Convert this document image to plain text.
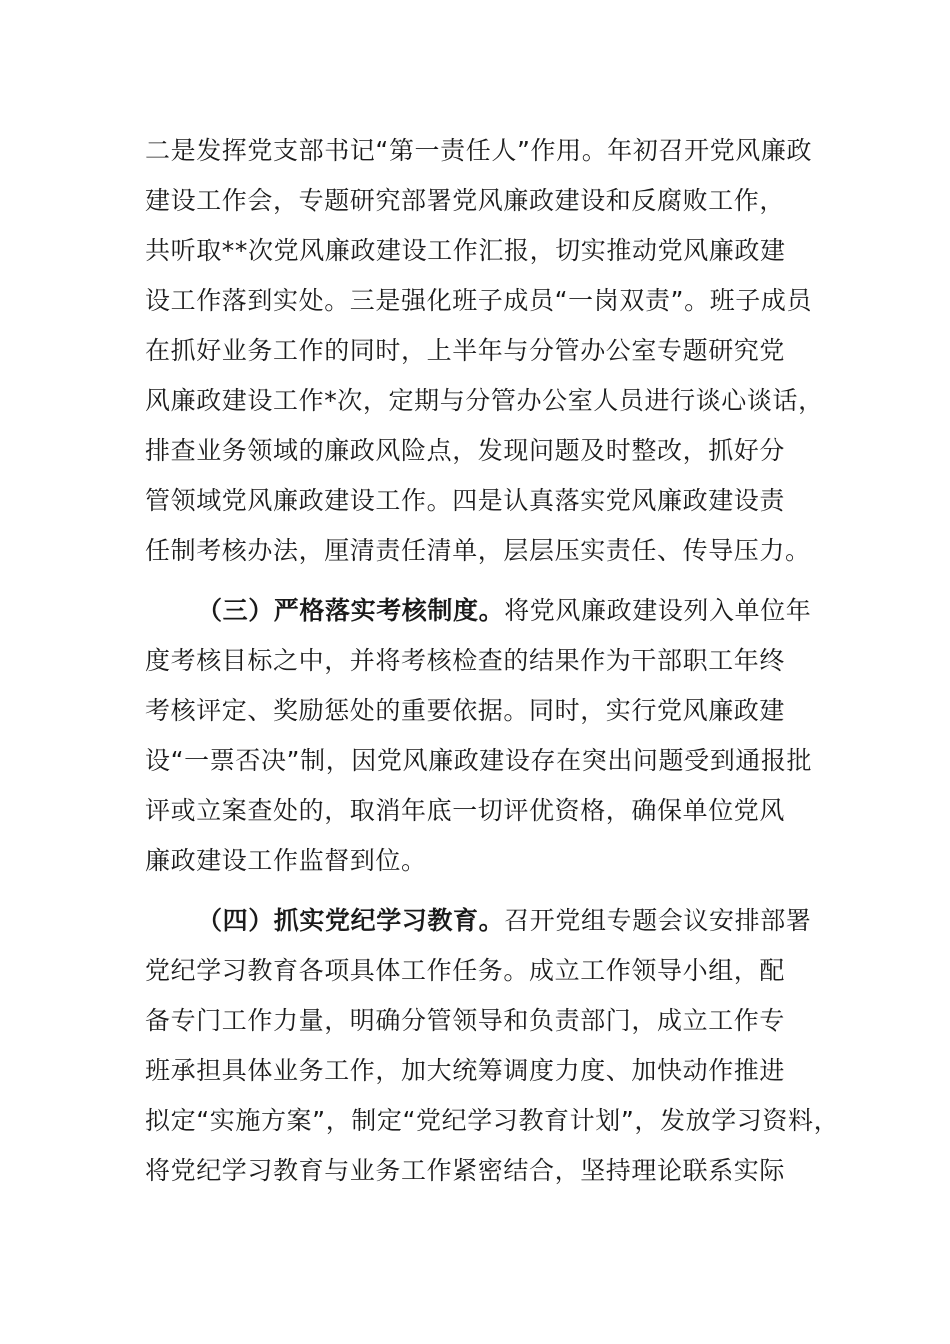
二是发挥党支部书记“第一责任人”作用。年初召开党风廉政
建设工作会，专题研究部署党风廉政建设和反腐败工作，
共听取**次党风廉政建设工作汇报，切实推动党风廉政建
设工作落到实处。三是强化班子成员“一岗双责”。班子成员
在抓好业务工作的同时，上半年与分管办公室专题研究党
风廉政建设工作*次，定期与分管办公室人员进行谈心谈话，
排查业务领域的廉政风险点，发现问题及时整改，抓好分
管领域党风廉政建设工作。四是认真落实党风廉政建设责
任制考核办法，厘清责任清单，层层压实责任、传导压力。
（三）严格落实考核制度。将党风廉政建设列入单位年
度考核目标之中，并将考核检查的结果作为干部职工年终
考核评定、奖励惩处的重要依据。同时，实行党风廉政建
设“一票否决”制，因党风廉政建设存在突出问题受到通报批
评或立案查处的，取消年底一切评优资格，确保单位党风
廉政建设工作监督到位。
（四）抓实党纪学习教育。召开党组专题会议安排部署
党纪学习教育各项具体工作任务。成立工作领导小组，配
备专门工作力量，明确分管领导和负责部门，成立工作专
班承担具体业务工作，加大统筹调度力度、加快动作推进
拟定“实施方案”，制定“党纪学习教育计划”，发放学习资料，
将党纪学习教育与业务工作紧密结合，坚持理论联系实际
